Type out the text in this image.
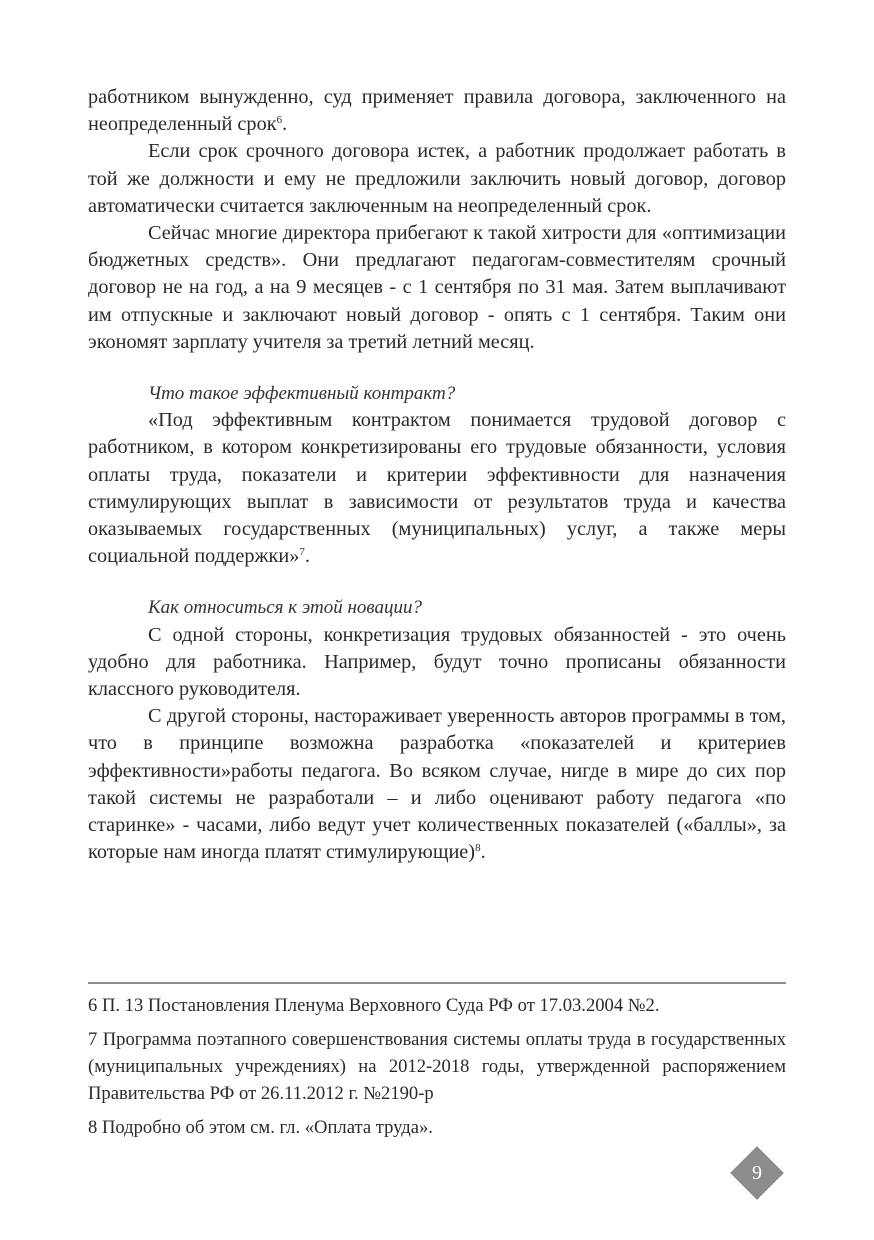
работником вынужденно, суд применяет правила договора, заключенного на неопределенный срок$^6$.

Если срок срочного договора истек, а работник продолжает работать в той же должности и ему не предложили заключить новый договор, договор автоматически считается заключенным на неопределенный срок.

Сейчас многие директора прибегают к такой хитрости для «оптимизации бюджетных средств». Они предлагают педагогам-совместителям срочный договор не на год, а на 9 месяцев - с 1 сентября по 31 мая. Затем выплачивают им отпускные и заключают новый договор - опять с 1 сентября. Таким они экономят зарплату учителя за третий летний месяц.

Что такое эффективный контракт?

«Под эффективным контрактом понимается трудовой договор с работником, в котором конкретизированы его трудовые обязанности, условия оплаты труда, показатели и критерии эффективности для назначения стимулирующих выплат в зависимости от результатов труда и качества оказываемых государственных (муниципальных) услуг, а также меры социальной поддержки»$^7$.

Как относиться к этой новации?

С одной стороны, конкретизация трудовых обязанностей - это очень удобно для работника. Например, будут точно прописаны обязанности классного руководителя.

С другой стороны, настораживает уверенность авторов программы в том, что в принципе возможна разработка «показателей и критериев эффективности»работы педагога. Во всяком случае, нигде в мире до сих пор такой системы не разработали – и либо оценивают работу педагога «по старинке» - часами, либо ведут учет количественных показателей («баллы», за которые нам иногда платят стимулирующие)$^8$.

6 П. 13 Постановления Пленума Верховного Суда РФ от 17.03.2004 №2.

7 Программа поэтапного совершенствования системы оплаты труда в государственных (муниципальных учреждениях) на 2012-2018 годы, утвержденной распоряжением Правительства РФ от 26.11.2012 г. №2190-р

8 Подробно об этом см. гл. «Оплата труда».

9
